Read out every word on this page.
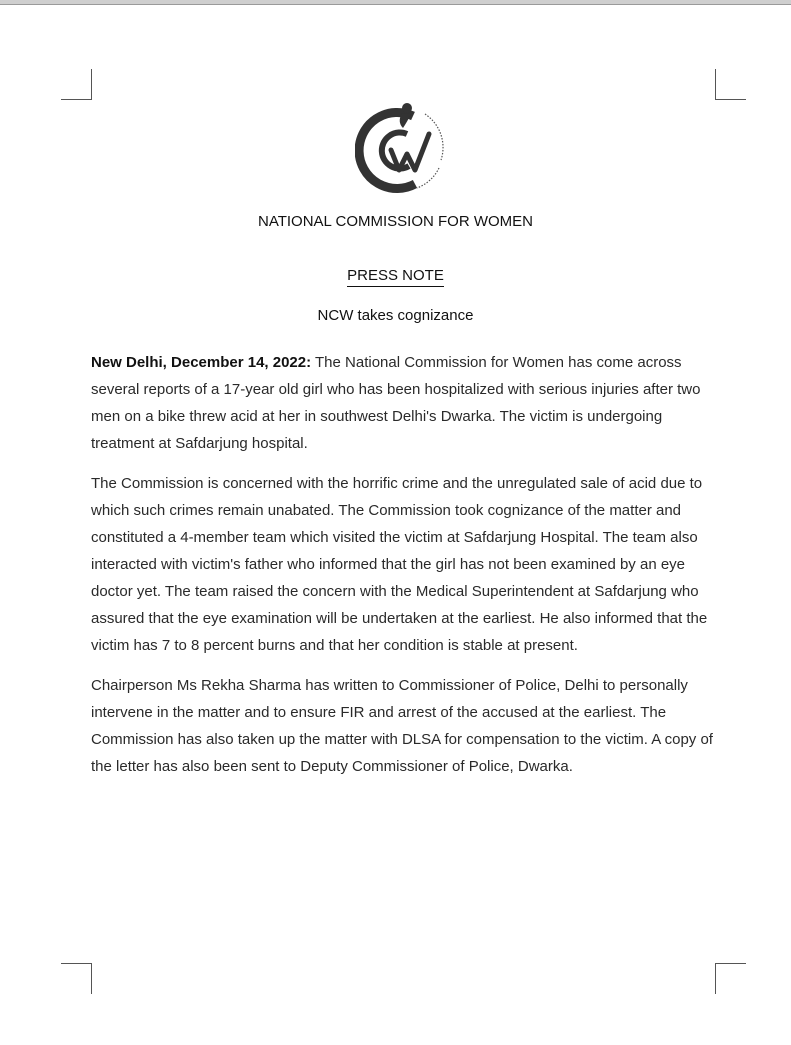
NATIONAL COMMISSION FOR WOMEN
PRESS NOTE
NCW takes cognizance

New Delhi, December 14, 2022: The National Commission for Women has come across several reports of a 17-year old girl who has been hospitalized with serious injuries after two men on a bike threw acid at her in southwest Delhi's Dwarka. The victim is undergoing treatment at Safdarjung hospital.

The Commission is concerned with the horrific crime and the unregulated sale of acid due to which such crimes remain unabated. The Commission took cognizance of the matter and constituted a 4-member team which visited the victim at Safdarjung Hospital. The team also interacted with victim's father who informed that the girl has not been examined by an eye doctor yet. The team raised the concern with the Medical Superintendent at Safdarjung who assured that the eye examination will be undertaken at the earliest. He also informed that the victim has 7 to 8 percent burns and that her condition is stable at present.

Chairperson Ms Rekha Sharma has written to Commissioner of Police, Delhi to personally intervene in the matter and to ensure FIR and arrest of the accused at the earliest. The Commission has also taken up the matter with DLSA for compensation to the victim. A copy of the letter has also been sent to Deputy Commissioner of Police, Dwarka.
